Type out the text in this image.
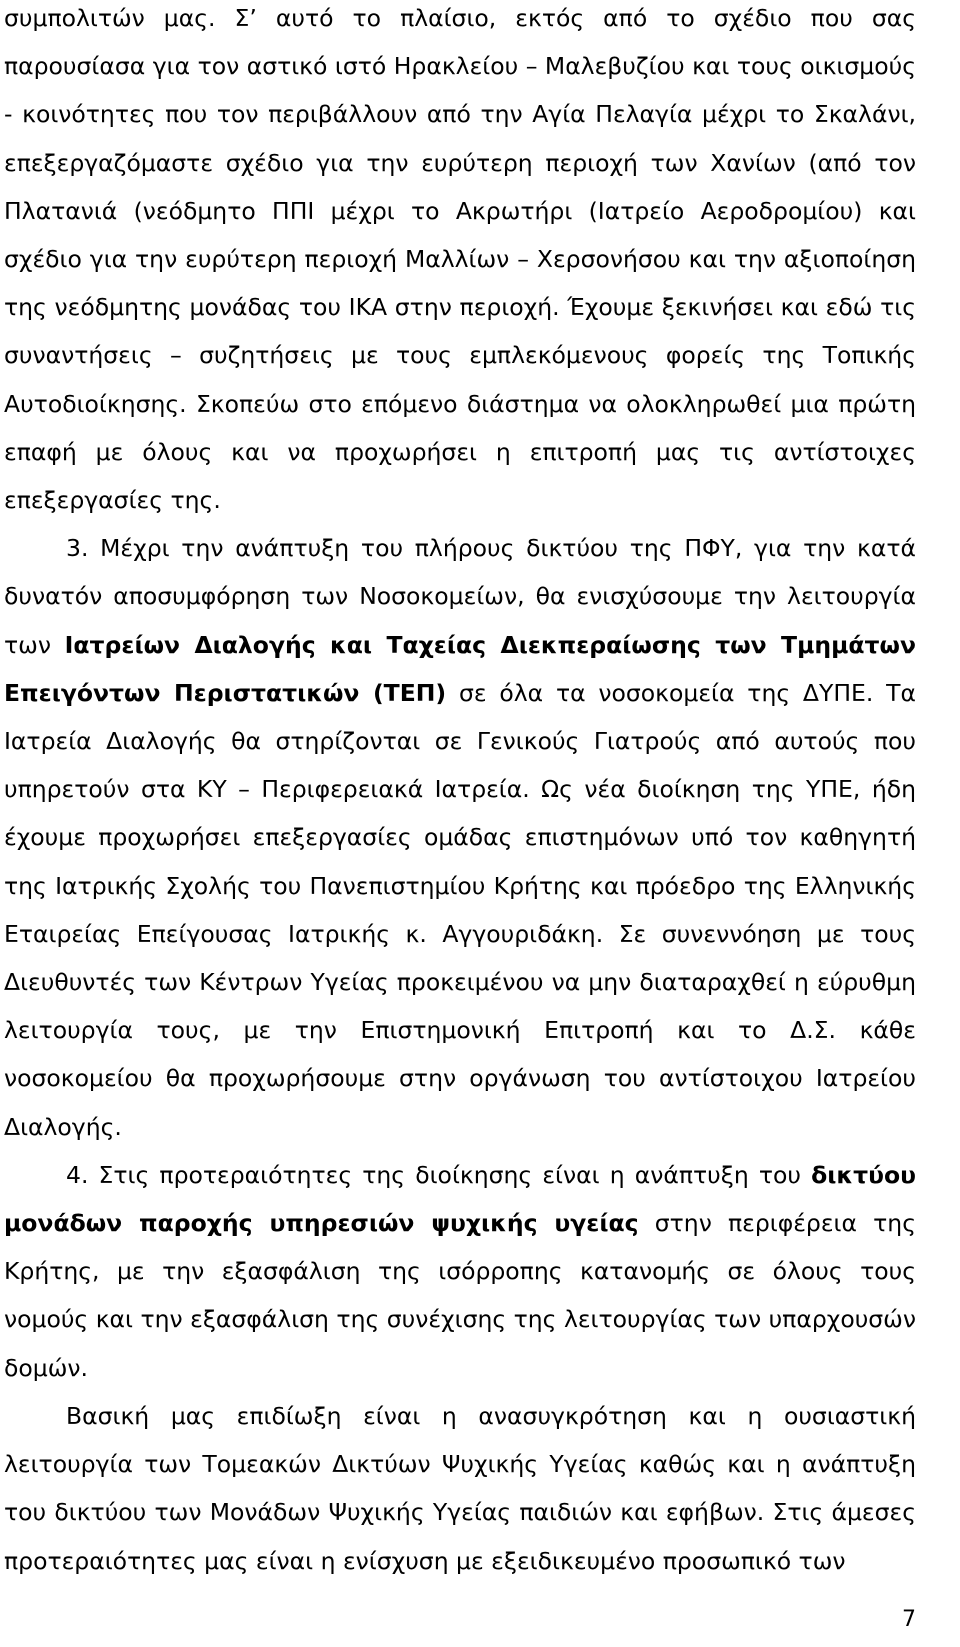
συμπολιτών μας. Σ’ αυτό το πλαίσιο, εκτός από το σχέδιο που σας παρουσίασα για τον αστικό ιστό Ηρακλείου – Μαλεβυζίου και τους οικισμούς - κοινότητες που τον περιβάλλουν από την Αγία Πελαγία μέχρι το Σκαλάνι, επεξεργαζόμαστε σχέδιο για την ευρύτερη περιοχή των Χανίων (από τον Πλατανιά (νεόδμητο ΠΠΙ μέχρι το Ακρωτήρι (Ιατρείο Αεροδρομίου) και σχέδιο για την ευρύτερη περιοχή Μαλλίων – Χερσονήσου και την αξιοποίηση της νεόδμητης μονάδας του ΙΚΑ στην περιοχή. Έχουμε ξεκινήσει και εδώ τις συναντήσεις – συζητήσεις με τους εμπλεκόμενους φορείς της Τοπικής Αυτοδιοίκησης. Σκοπεύω στο επόμενο διάστημα να ολοκληρωθεί μια πρώτη επαφή με όλους και να προχωρήσει η επιτροπή μας τις αντίστοιχες επεξεργασίες της.

3. Μέχρι την ανάπτυξη του πλήρους δικτύου της ΠΦΥ, για την κατά δυνατόν αποσυμφόρηση των Νοσοκομείων, θα ενισχύσουμε την λειτουργία των Ιατρείων Διαλογής και Ταχείας Διεκπεραίωσης των Τμημάτων Επειγόντων Περιστατικών (ΤΕΠ) σε όλα τα νοσοκομεία της ΔΥΠΕ. Τα Ιατρεία Διαλογής θα στηρίζονται σε Γενικούς Γιατρούς από αυτούς που υπηρετούν στα ΚΥ – Περιφερειακά Ιατρεία. Ως νέα διοίκηση της ΥΠΕ, ήδη έχουμε προχωρήσει επεξεργασίες ομάδας επιστημόνων υπό τον καθηγητή της Ιατρικής Σχολής του Πανεπιστημίου Κρήτης και πρόεδρο της Ελληνικής Εταιρείας Επείγουσας Ιατρικής κ. Αγγουριδάκη. Σε συνεννόηση με τους Διευθυντές των Κέντρων Υγείας προκειμένου να μην διαταραχθεί η εύρυθμη λειτουργία τους, με την Επιστημονική Επιτροπή και το Δ.Σ. κάθε νοσοκομείου θα προχωρήσουμε στην οργάνωση του αντίστοιχου Ιατρείου Διαλογής.

4. Στις προτεραιότητες της διοίκησης είναι η ανάπτυξη του δικτύου μονάδων παροχής υπηρεσιών ψυχικής υγείας στην περιφέρεια της Κρήτης, με την εξασφάλιση της ισόρροπης κατανομής σε όλους τους νομούς και την εξασφάλιση της συνέχισης της λειτουργίας των υπαρχουσών δομών.

Βασική μας επιδίωξη είναι η ανασυγκρότηση και η ουσιαστική λειτουργία των Τομεακών Δικτύων Ψυχικής Υγείας καθώς και η ανάπτυξη του δικτύου των Μονάδων Ψυχικής Υγείας παιδιών και εφήβων. Στις άμεσες προτεραιότητες μας είναι η ενίσχυση με εξειδικευμένο προσωπικό των

7
